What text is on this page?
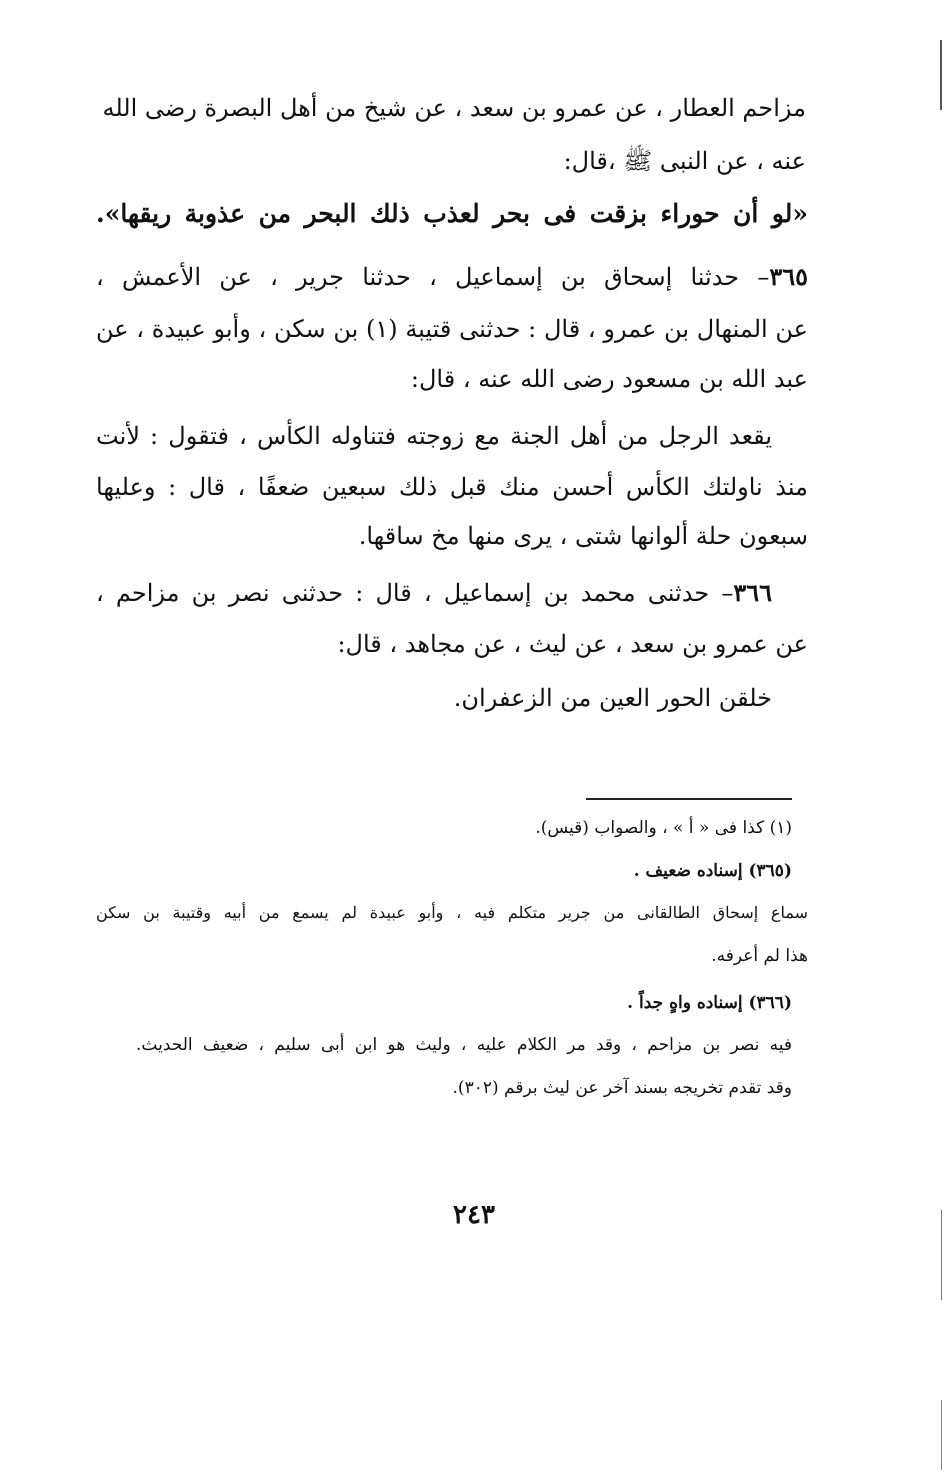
مزاحم العطار ، عن عمرو بن سعد ، عن شيخ من أهل البصرة رضى الله
عنه ، عن النبى ﷺ ،قال:
«لو أن حوراء بزقت فى بحر لعذب ذلك البحر من عذوبة ريقها».
٣٦٥– حدثنا إسحاق بن إسماعيل ، حدثنا جرير ، عن الأعمش ،
عن المنهال بن عمرو ، قال : حدثنى قتيبة (١) بن سكن ، وأبو عبيدة ، عن
عبد الله بن مسعود رضى الله عنه ، قال:
يقعد الرجل من أهل الجنة مع زوجته فتناوله الكأس ، فتقول : لأنت
منذ ناولتك الكأس أحسن منك قبل ذلك سبعين ضعفًا ، قال : وعليها
سبعون حلة ألوانها شتى ، يرى منها مخ ساقها.
٣٦٦– حدثنى محمد بن إسماعيل ، قال : حدثنى نصر بن مزاحم ،
عن عمرو بن سعد ، عن ليث ، عن مجاهد ، قال:
خلقن الحور العين من الزعفران.
(١) كذا فى « أ » ، والصواب (قيس).
(٣٦٥) إسناده ضعيف .
سماع إسحاق الطالقانى من جرير متكلم فيه ، وأبو عبيدة لم يسمع من أبيه وقتيبة بن سكن
هذا لم أعرفه.
(٣٦٦) إسناده واهٍ جداً .
فيه نصر بن مزاحم ، وقد مر الكلام عليه ، وليث هو ابن أبى سليم ، ضعيف الحديث.
وقد تقدم تخريجه بسند آخر عن ليث برقم (٣٠٢).
٢٤٣
